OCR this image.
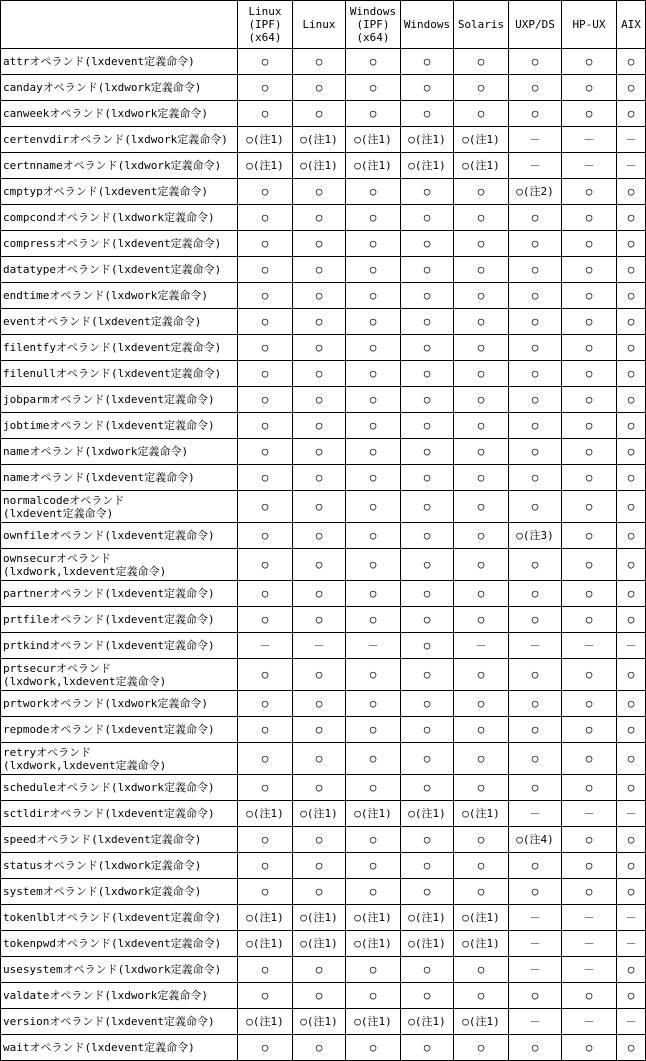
	Linux
(IPF)
(x64)	Linux	Windows
(IPF)
(x64)	Windows	Solaris	UXP/DS	HP-UX	AIX
attrオペランド(lxdevent定義命令)	○	○	○	○	○	○	○	○
candayオペランド(lxdwork定義命令)	○	○	○	○	○	○	○	○
canweekオペランド(lxdwork定義命令)	○	○	○	○	○	○	○	○
certenvdirオペランド(lxdwork定義命令)	○(注1)	○(注1)	○(注1)	○(注1)	○(注1)	－	－	－
certnnameオペランド(lxdwork定義命令)	○(注1)	○(注1)	○(注1)	○(注1)	○(注1)	－	－	－
cmptypオペランド(lxdevent定義命令)	○	○	○	○	○	○(注2)	○	○
compcondオペランド(lxdwork定義命令)	○	○	○	○	○	○	○	○
compressオペランド(lxdevent定義命令)	○	○	○	○	○	○	○	○
datatypeオペランド(lxdevent定義命令)	○	○	○	○	○	○	○	○
endtimeオペランド(lxdwork定義命令)	○	○	○	○	○	○	○	○
eventオペランド(lxdevent定義命令)	○	○	○	○	○	○	○	○
filentfyオペランド(lxdevent定義命令)	○	○	○	○	○	○	○	○
filenullオペランド(lxdevent定義命令)	○	○	○	○	○	○	○	○
jobparmオペランド(lxdevent定義命令)	○	○	○	○	○	○	○	○
jobtimeオペランド(lxdevent定義命令)	○	○	○	○	○	○	○	○
nameオペランド(lxdwork定義命令)	○	○	○	○	○	○	○	○
nameオペランド(lxdevent定義命令)	○	○	○	○	○	○	○	○
normalcodeオペランド
(lxdevent定義命令)	○	○	○	○	○	○	○	○
ownfileオペランド(lxdevent定義命令)	○	○	○	○	○	○(注3)	○	○
ownsecurオペランド
(lxdwork,lxdevent定義命令)	○	○	○	○	○	○	○	○
partnerオペランド(lxdevent定義命令)	○	○	○	○	○	○	○	○
prtfileオペランド(lxdevent定義命令)	○	○	○	○	○	○	○	○
prtkindオペランド(lxdevent定義命令)	－	－	－	○	－	－	－	－
prtsecurオペランド
(lxdwork,lxdevent定義命令)	○	○	○	○	○	○	○	○
prtworkオペランド(lxdwork定義命令)	○	○	○	○	○	○	○	○
repmodeオペランド(lxdevent定義命令)	○	○	○	○	○	○	○	○
retryオペランド
(lxdwork,lxdevent定義命令)	○	○	○	○	○	○	○	○
scheduleオペランド(lxdwork定義命令)	○	○	○	○	○	○	○	○
sctldirオペランド(lxdevent定義命令)	○(注1)	○(注1)	○(注1)	○(注1)	○(注1)	－	－	－
speedオペランド(lxdevent定義命令)	○	○	○	○	○	○(注4)	○	○
statusオペランド(lxdwork定義命令)	○	○	○	○	○	○	○	○
systemオペランド(lxdwork定義命令)	○	○	○	○	○	○	○	○
tokenlblオペランド(lxdevent定義命令)	○(注1)	○(注1)	○(注1)	○(注1)	○(注1)	－	－	－
tokenpwdオペランド(lxdevent定義命令)	○(注1)	○(注1)	○(注1)	○(注1)	○(注1)	－	－	－
usesystemオペランド(lxdwork定義命令)	○	○	○	○	○	－	－	○
valdateオペランド(lxdwork定義命令)	○	○	○	○	○	○	○	○
versionオペランド(lxdevent定義命令)	○(注1)	○(注1)	○(注1)	○(注1)	○(注1)	－	－	－
waitオペランド(lxdevent定義命令)	○	○	○	○	○	○	○	○
